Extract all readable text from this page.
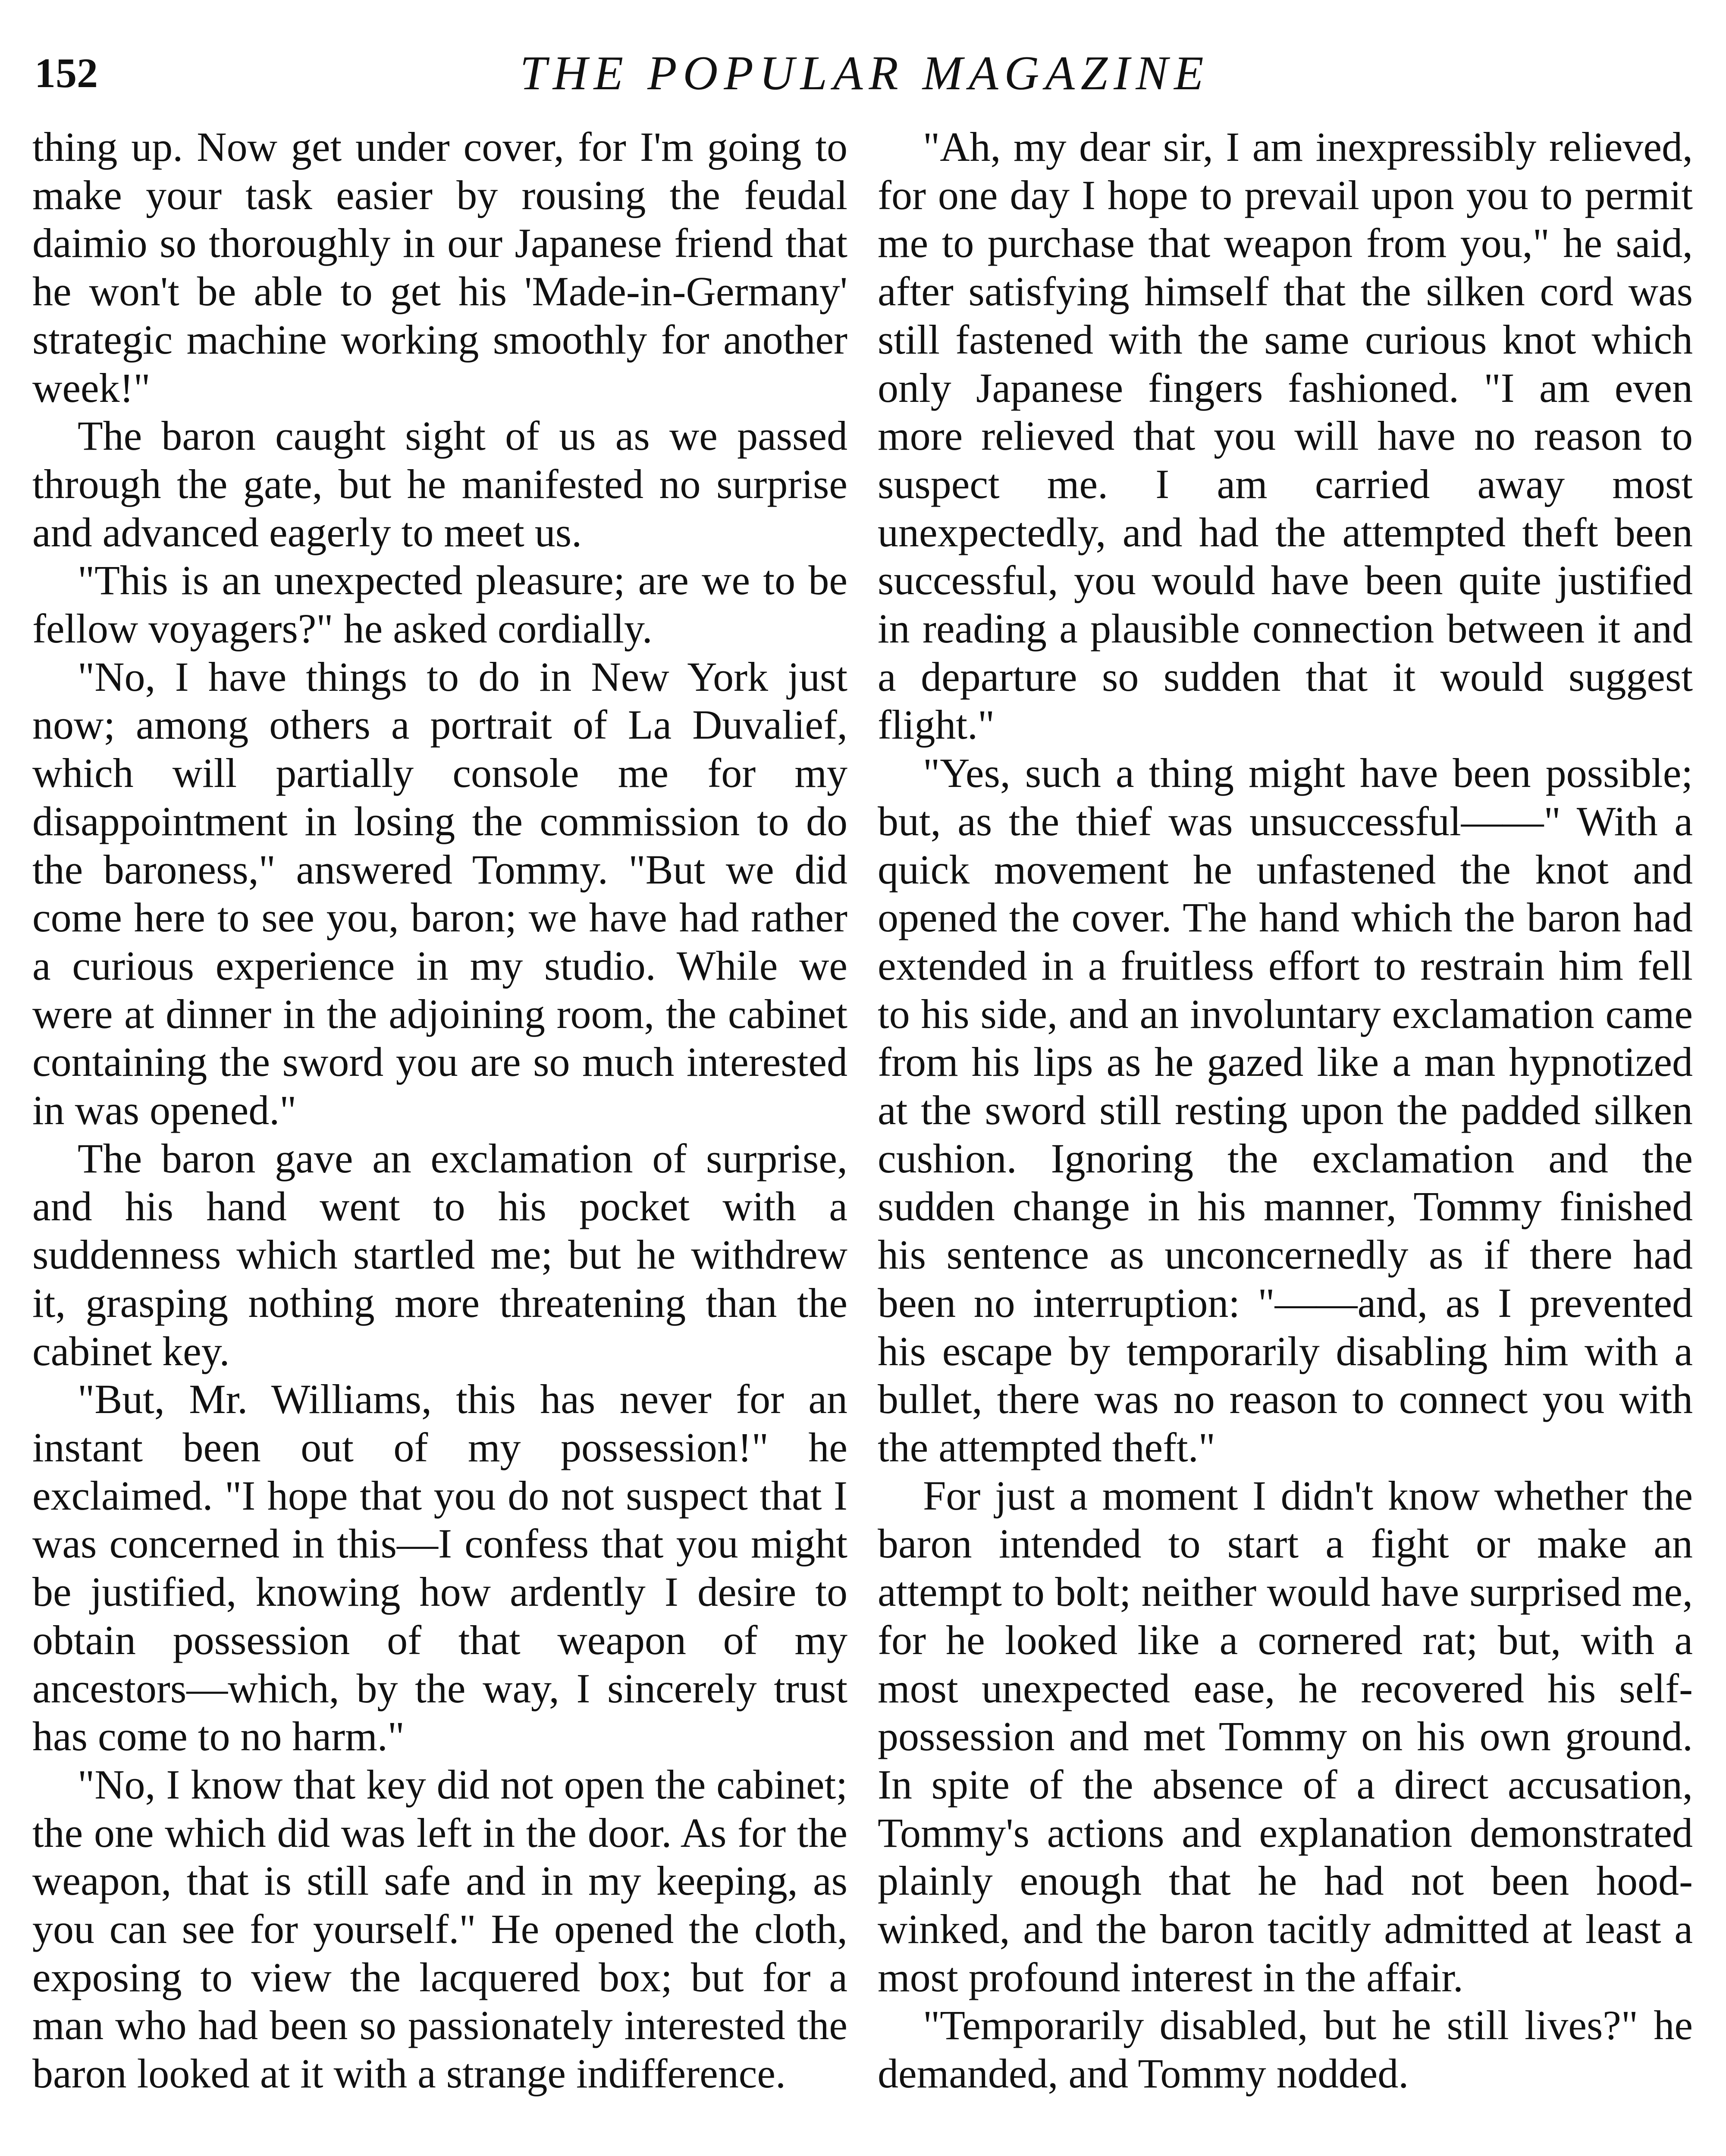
152	THE POPULAR MAGAZINE

thing up. Now get under cover, for I'm going to make your task easier by rousing the feudal daimio so thoroughly in our Japanese friend that he won't be able to get his 'Made-in-Germany' strategic machine working smoothly for another week!"

The baron caught sight of us as we passed through the gate, but he manifested no surprise and advanced eagerly to meet us.

"This is an unexpected pleasure; are we to be fellow voyagers?" he asked cordially.

"No, I have things to do in New York just now; among others a portrait of La Duvalief, which will partially console me for my disappointment in losing the commission to do the baroness," answered Tommy. "But we did come here to see you, baron; we have had rather a curious experience in my studio. While we were at dinner in the adjoining room, the cabinet containing the sword you are so much interested in was opened."

The baron gave an exclamation of surprise, and his hand went to his pocket with a suddenness which startled me; but he withdrew it, grasping nothing more threatening than the cabinet key.

"But, Mr. Williams, this has never for an instant been out of my possession!" he exclaimed. "I hope that you do not suspect that I was concerned in this—I confess that you might be justified, knowing how ardently I desire to obtain possession of that weapon of my ancestors—which, by the way, I sincerely trust has come to no harm."

"No, I know that key did not open the cabinet; the one which did was left in the door. As for the weapon, that is still safe and in my keeping, as you can see for yourself." He opened the cloth, exposing to view the lacquered box; but for a man who had been so passionately interested the baron looked at it with a strange indifference.

"Ah, my dear sir, I am inexpressibly relieved, for one day I hope to prevail upon you to permit me to purchase that weapon from you," he said, after satisfying himself that the silken cord was still fastened with the same curious knot which only Japanese fingers fashioned. "I am even more relieved that you will have no reason to suspect me. I am carried away most unexpectedly, and had the attempted theft been successful, you would have been quite justified in reading a plausible connection between it and a departure so sudden that it would suggest flight."

"Yes, such a thing might have been possible; but, as the thief was unsuccessful——" With a quick movement he unfastened the knot and opened the cover. The hand which the baron had extended in a fruitless effort to restrain him fell to his side, and an involuntary exclamation came from his lips as he gazed like a man hypnotized at the sword still resting upon the padded silken cushion. Ignoring the exclamation and the sudden change in his manner, Tommy finished his sentence as unconcernedly as if there had been no interruption: "——and, as I prevented his escape by temporarily disabling him with a bullet, there was no reason to connect you with the attempted theft."

For just a moment I didn't know whether the baron intended to start a fight or make an attempt to bolt; neither would have surprised me, for he looked like a cornered rat; but, with a most unexpected ease, he recovered his self-possession and met Tommy on his own ground. In spite of the absence of a direct accusation, Tommy's actions and explanation demonstrated plainly enough that he had not been hoodwinked, and the baron tacitly admitted at least a most profound interest in the affair.

"Temporarily disabled, but he still lives?" he demanded, and Tommy nodded.
